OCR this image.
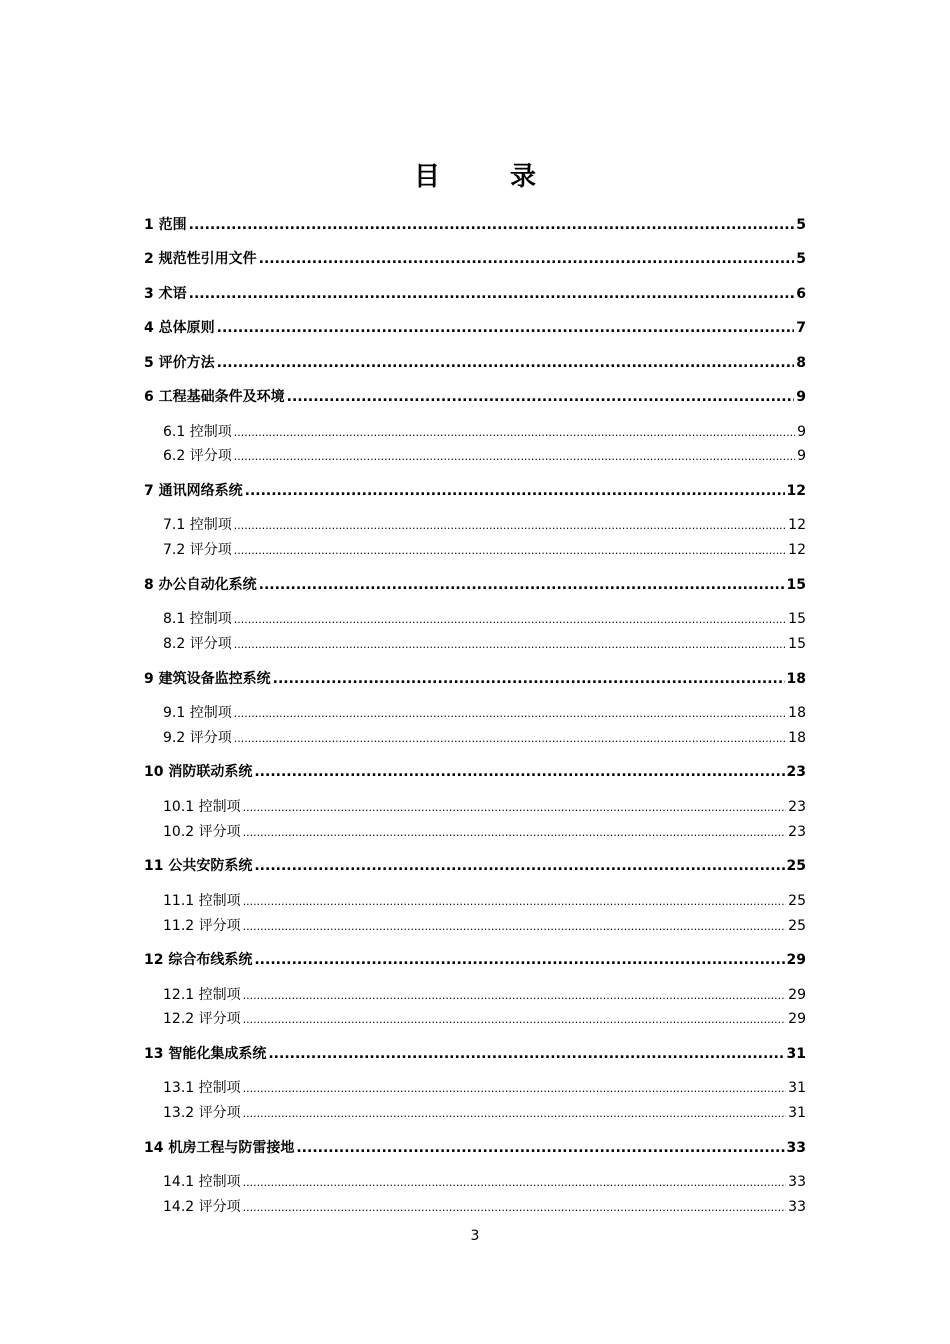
目　录
1 范围 .....	5
2 规范性引用文件 .....	5
3 术语 .....	6
4 总体原则 .....	7
5 评价方法 .....	8
6 工程基础条件及环境 .....	9
6.1 控制项 .....	9
6.2 评分项 .....	9
7 通讯网络系统 .....	12
7.1 控制项 .....	12
7.2 评分项 .....	12
8 办公自动化系统 .....	15
8.1 控制项 .....	15
8.2 评分项 .....	15
9 建筑设备监控系统 .....	18
9.1 控制项 .....	18
9.2 评分项 .....	18
10 消防联动系统 .....	23
10.1 控制项 .....	23
10.2 评分项 .....	23
11 公共安防系统 .....	25
11.1 控制项 .....	25
11.2 评分项 .....	25
12 综合布线系统 .....	29
12.1 控制项 .....	29
12.2 评分项 .....	29
13 智能化集成系统 .....	31
13.1 控制项 .....	31
13.2 评分项 .....	31
14 机房工程与防雷接地 .....	33
14.1 控制项 .....	33
14.2 评分项 .....	33
3
